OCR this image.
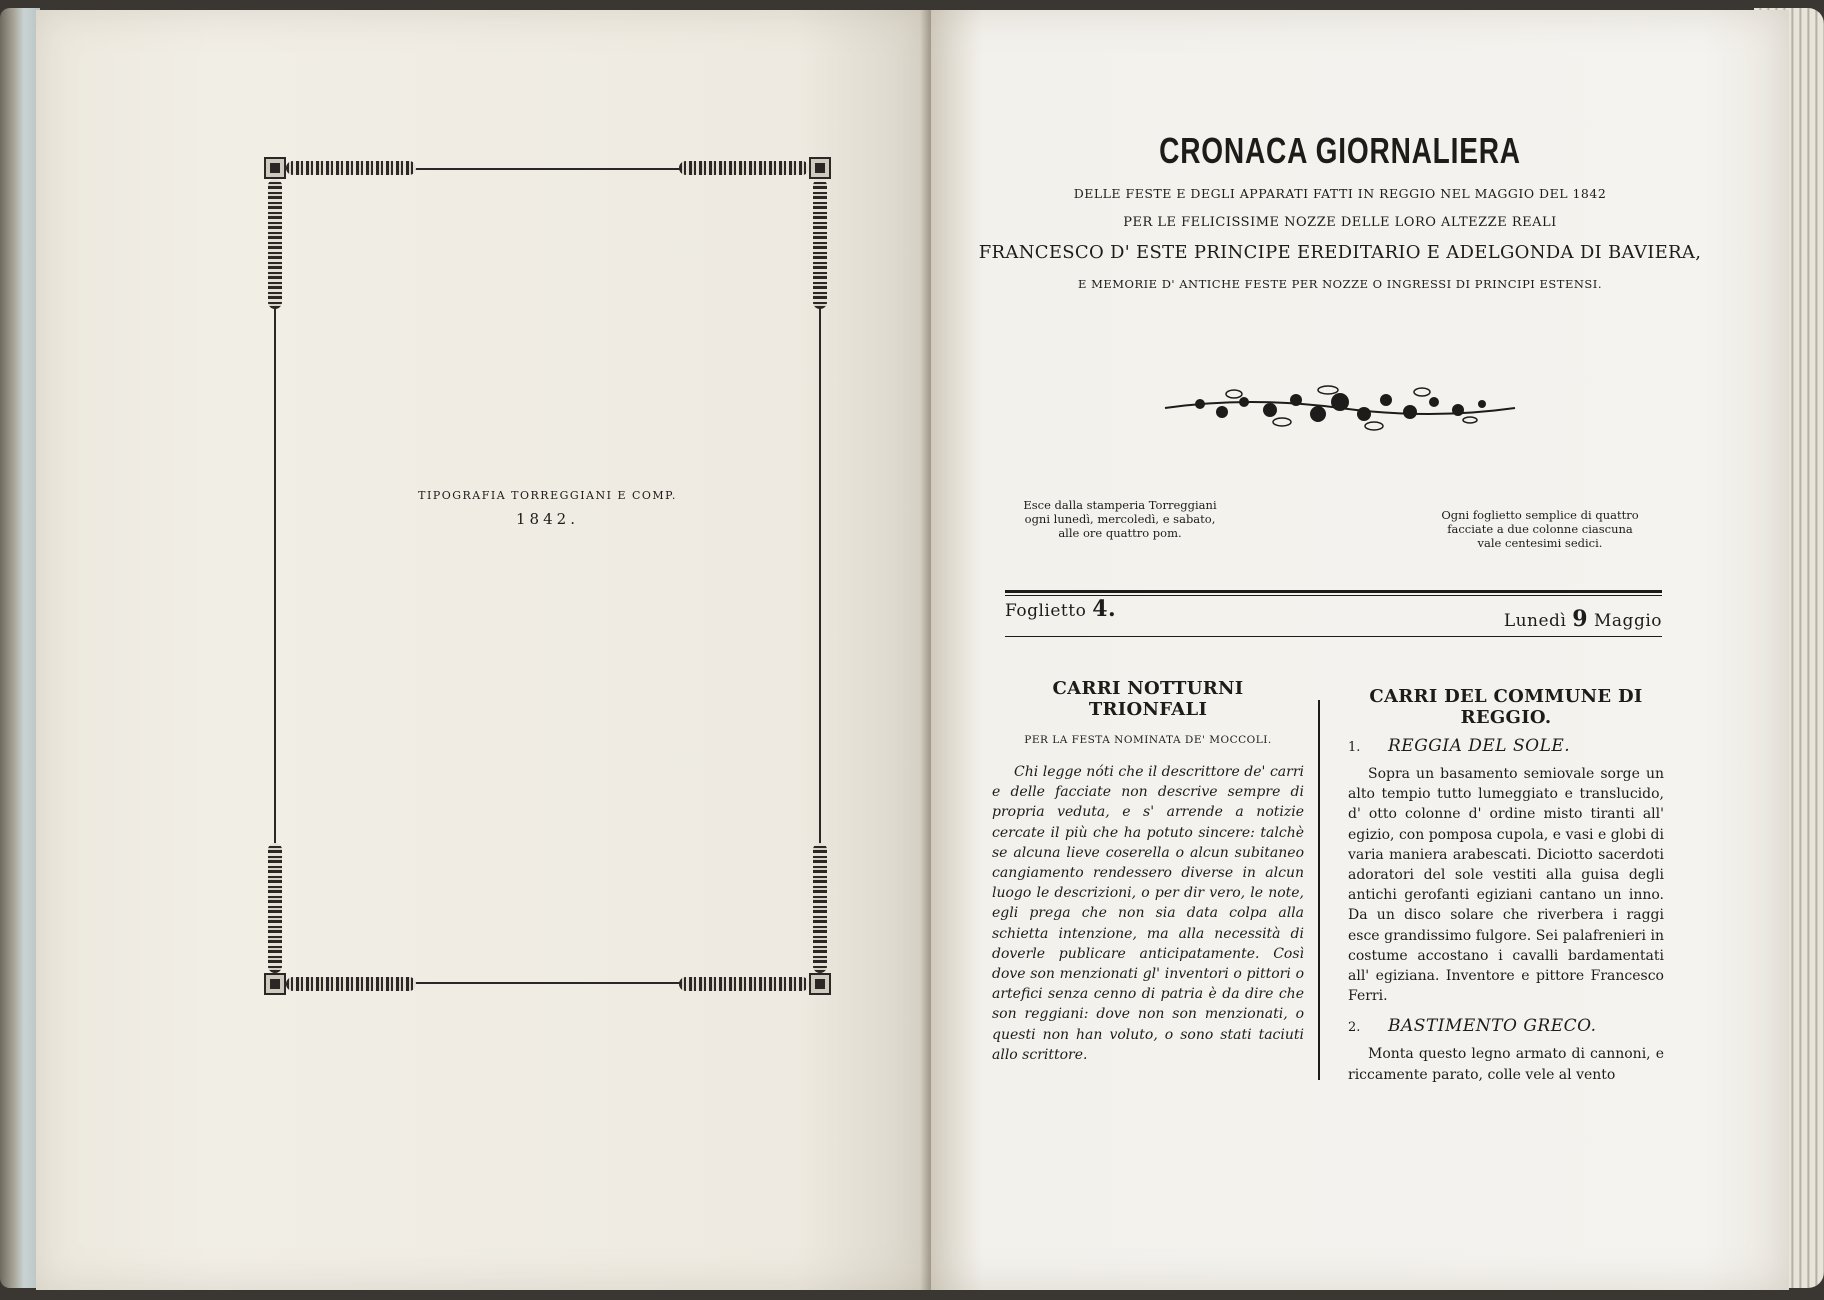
TIPOGRAFIA TORREGGIANI E COMP.
1842.
CRONACA GIORNALIERA

DELLE FESTE E DEGLI APPARATI FATTI IN REGGIO NEL MAGGIO DEL 1842

PER LE FELICISSIME NOZZE DELLE LORO ALTEZZE REALI

FRANCESCO D' ESTE PRINCIPE EREDITARIO E ADELGONDA DI BAVIERA,

E MEMORIE D' ANTICHE FESTE PER NOZZE O INGRESSI DI PRINCIPI ESTENSI.

Esce dalla stamperia Torreggiani
ogni lunedì, mercoledì, e sabato,
alle ore quattro pom.
Ogni foglietto semplice di quattro
facciate a due colonne ciascuna
vale centesimi sedici.
Foglietto 4.	Lunedì 9 Maggio
CARRI NOTTURNI TRIONFALI

PER LA FESTA NOMINATA DE' MOCCOLI.

Chi legge nóti che il descrittore de' carri e delle facciate non descrive sempre di propria veduta, e s' arrende a notizie cercate il più che ha potuto sincere: talchè se alcuna lieve coserella o alcun subitaneo cangiamento rendessero diverse in alcun luogo le descrizioni, o per dir vero, le note, egli prega che non sia data colpa alla schietta intenzione, ma alla necessità di doverle publicare anticipatamente. Così dove son menzionati gl' inventori o pittori o artefici senza cenno di patria è da dire che son reggiani: dove non son menzionati, o questi non han voluto, o sono stati taciuti allo scrittore.

CARRI DEL COMMUNE DI REGGIO.
1.	REGGIA DEL SOLE.

Sopra un basamento semiovale sorge un alto tempio tutto lumeggiato e translucido, d' otto colonne d' ordine misto tiranti all' egizio, con pomposa cupola, e vasi e globi di varia maniera arabescati. Diciotto sacerdoti adoratori del sole vestiti alla guisa degli antichi gerofanti egiziani cantano un inno. Da un disco solare che riverbera i raggi esce grandissimo fulgore. Sei palafrenieri in costume accostano i cavalli bardamentati all' egiziana. Inventore e pittore Francesco Ferri.

2.	BASTIMENTO GRECO.

Monta questo legno armato di cannoni, e riccamente parato, colle vele al vento
